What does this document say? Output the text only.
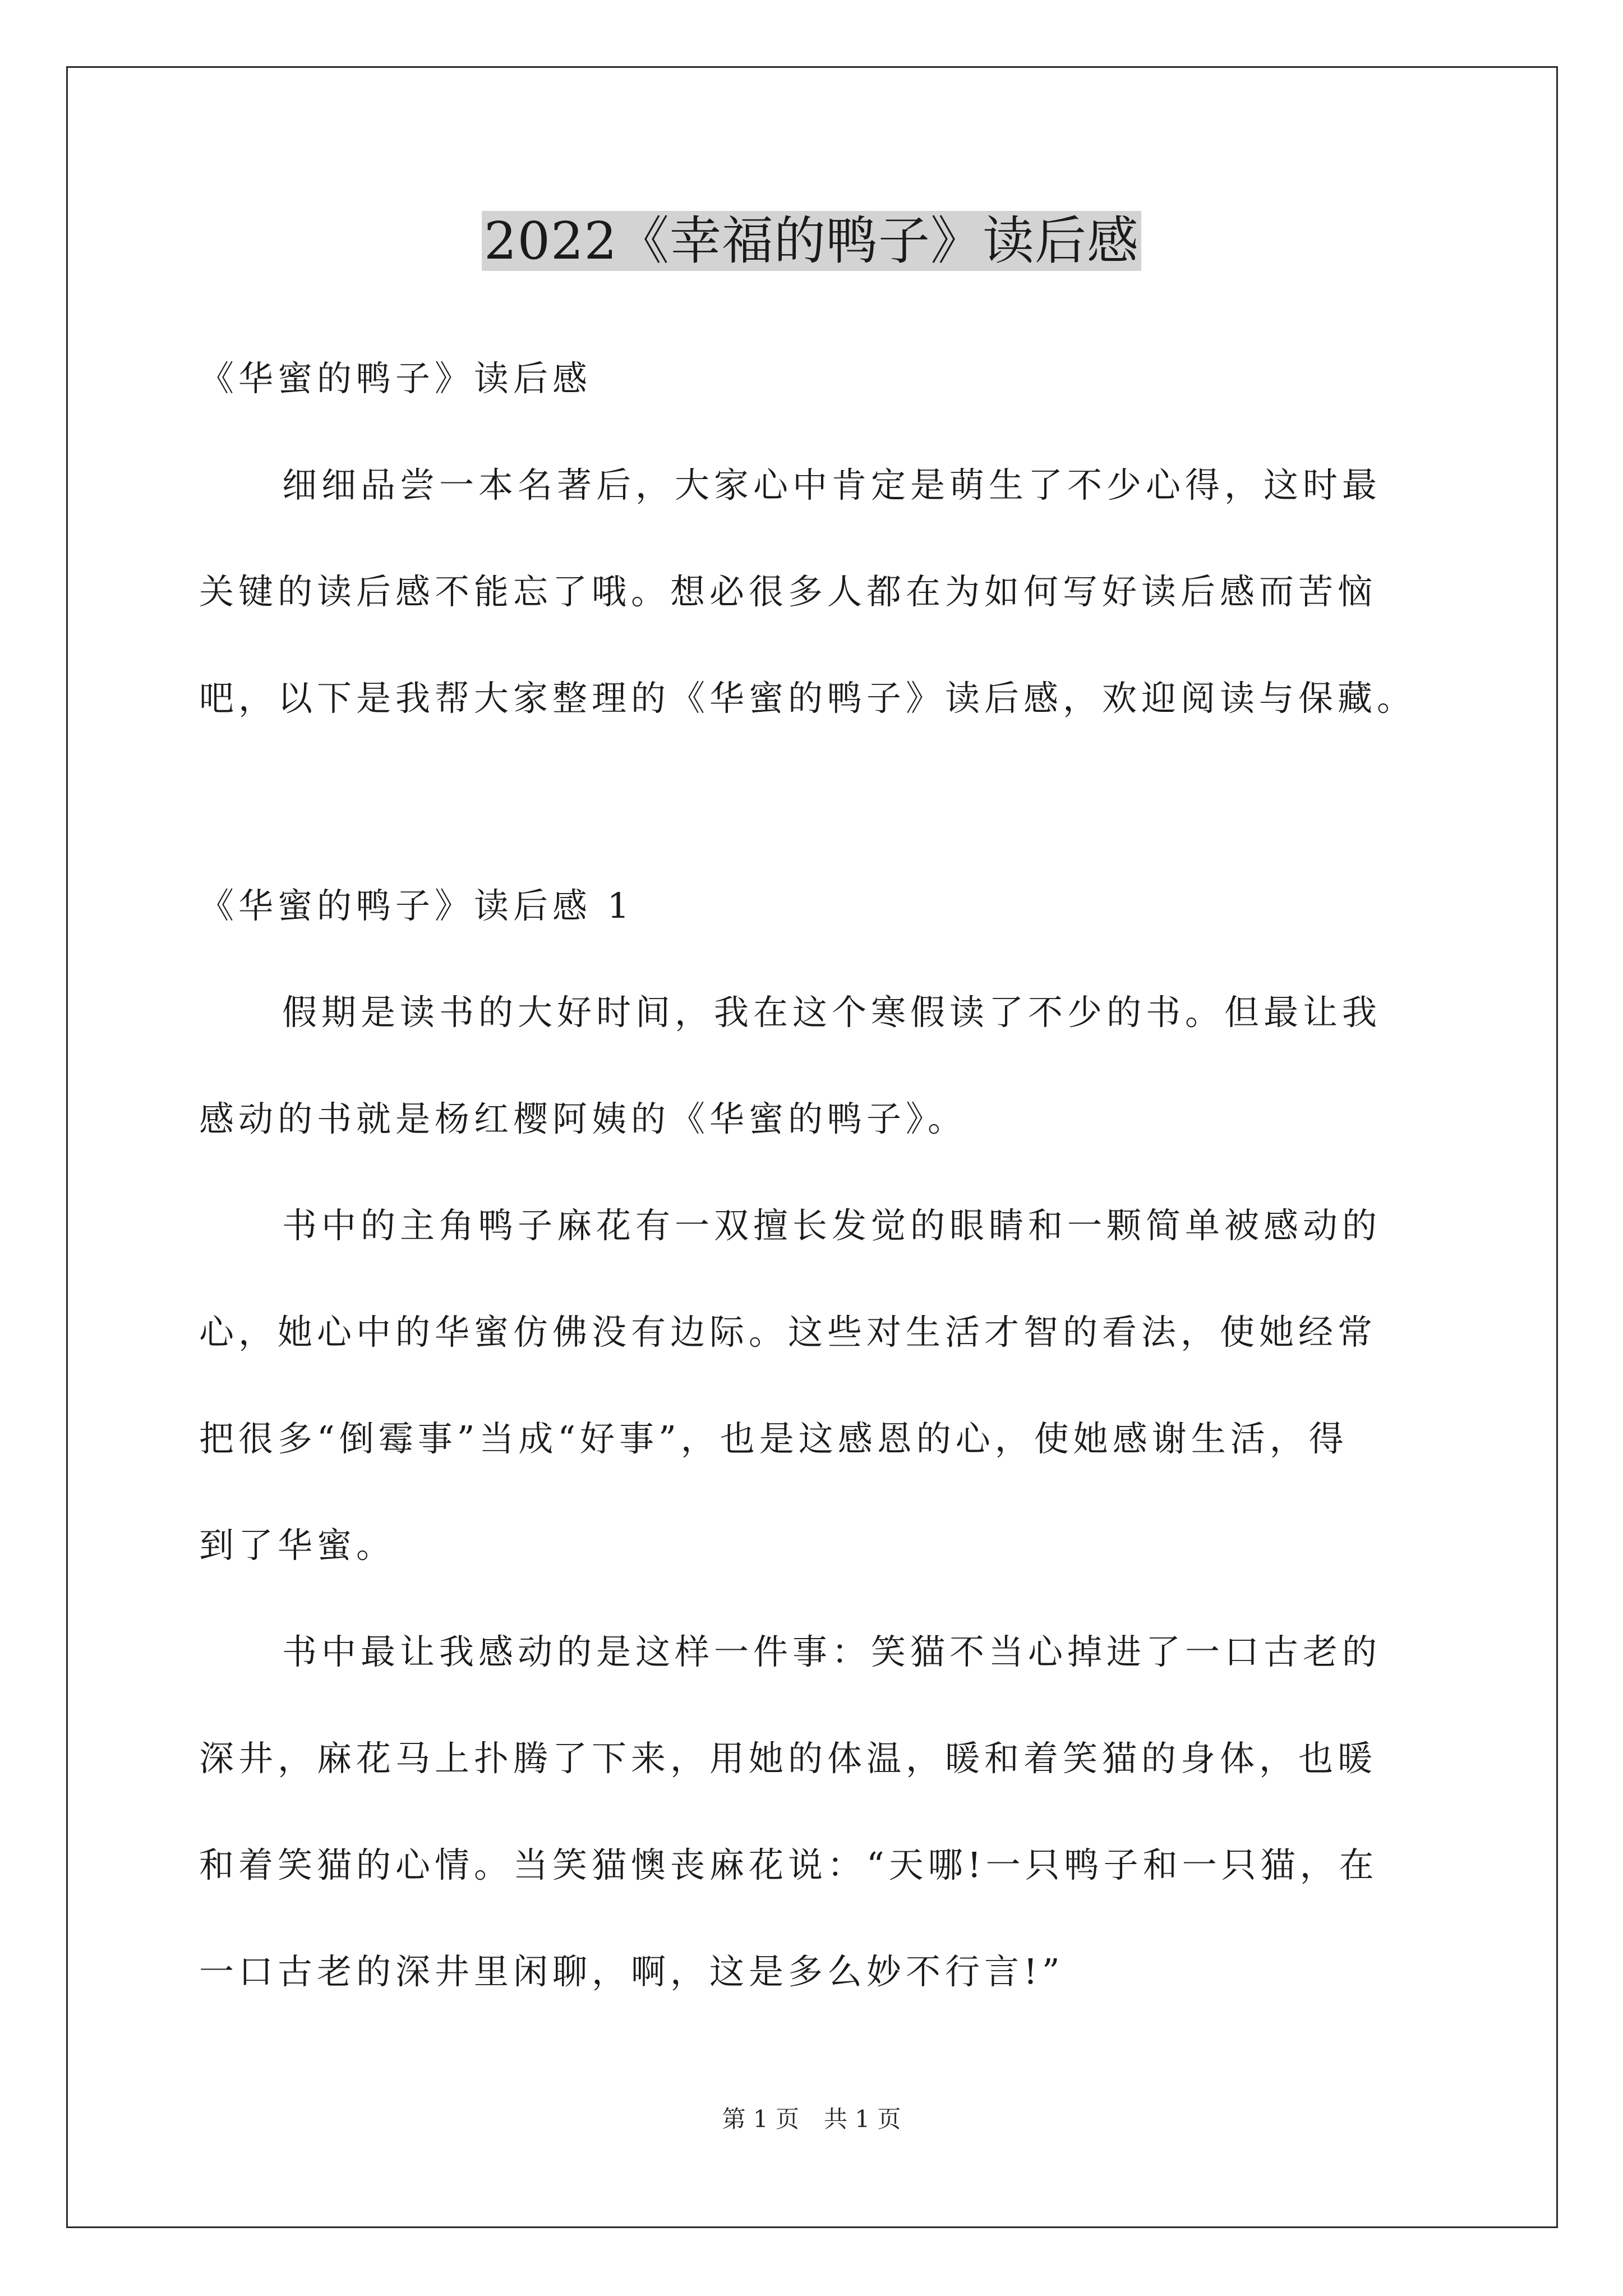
2022《幸福的鸭子》读后感
《华蜜的鸭子》读后感
细细品尝一本名著后，大家心中肯定是萌生了不少心得，这时最
关键的读后感不能忘了哦。想必很多人都在为如何写好读后感而苦恼
吧，以下是我帮大家整理的《华蜜的鸭子》读后感，欢迎阅读与保藏。
《华蜜的鸭子》读后感 1
假期是读书的大好时间，我在这个寒假读了不少的书。但最让我
感动的书就是杨红樱阿姨的《华蜜的鸭子》。
书中的主角鸭子麻花有一双擅长发觉的眼睛和一颗简单被感动的
心，她心中的华蜜仿佛没有边际。这些对生活才智的看法，使她经常
把很多“倒霉事”当成“好事”，也是这感恩的心，使她感谢生活，得
到了华蜜。
书中最让我感动的是这样一件事：笑猫不当心掉进了一口古老的
深井，麻花马上扑腾了下来，用她的体温，暖和着笑猫的身体，也暖
和着笑猫的心情。当笑猫懊丧麻花说：“天哪!一只鸭子和一只猫，在
一口古老的深井里闲聊，啊，这是多么妙不行言!”
第 1 页 共 1 页
